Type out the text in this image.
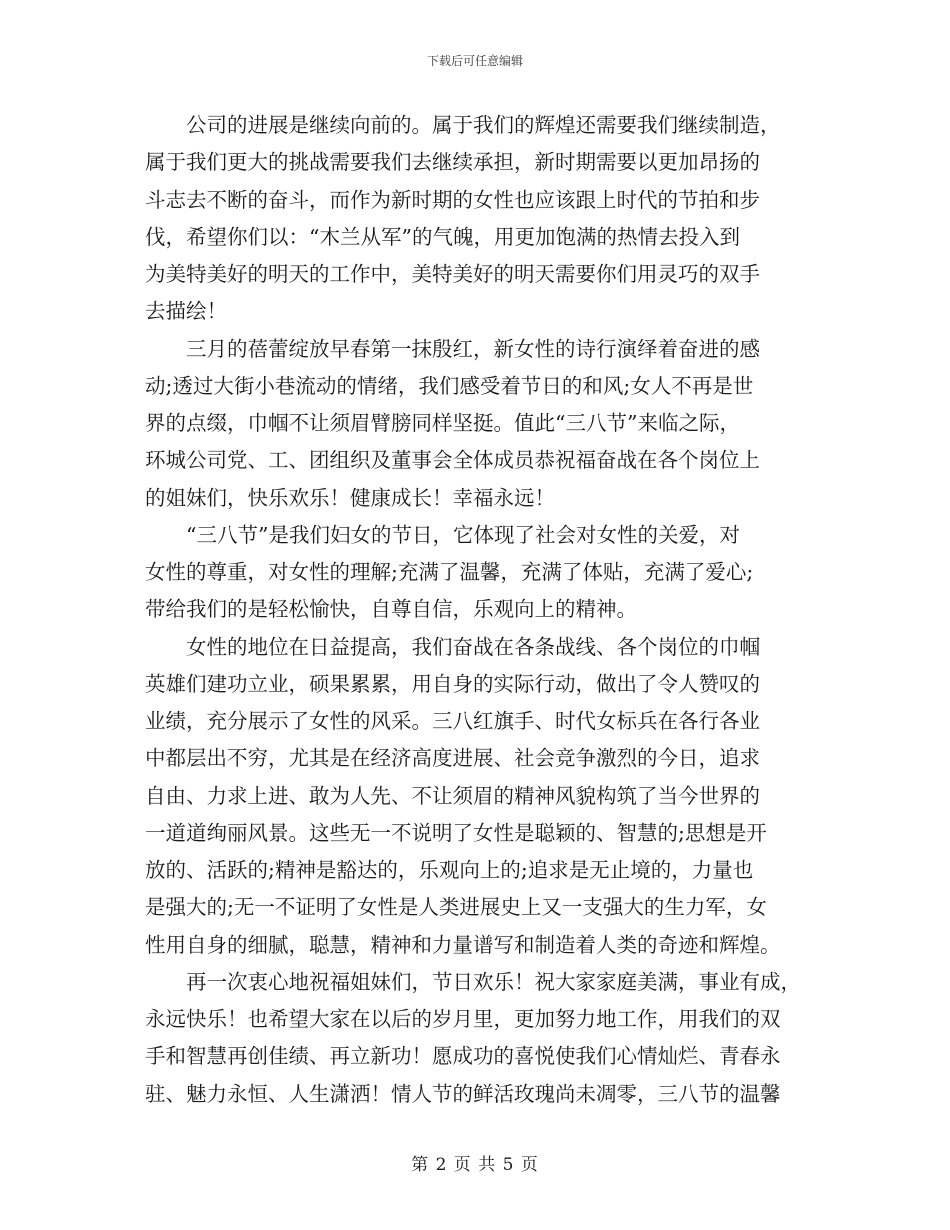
下载后可任意编辑
公司的进展是继续向前的。属于我们的辉煌还需要我们继续制造，
属于我们更大的挑战需要我们去继续承担，新时期需要以更加昂扬的
斗志去不断的奋斗，而作为新时期的女性也应该跟上时代的节拍和步
伐，希望你们以：“木兰从军”的气魄，用更加饱满的热情去投入到
为美特美好的明天的工作中，美特美好的明天需要你们用灵巧的双手
去描绘！
三月的蓓蕾绽放早春第一抹殷红，新女性的诗行演绎着奋进的感
动;透过大街小巷流动的情绪，我们感受着节日的和风;女人不再是世
界的点缀，巾帼不让须眉臂膀同样坚挺。值此“三八节”来临之际，
环城公司党、工、团组织及董事会全体成员恭祝福奋战在各个岗位上
的姐妹们，快乐欢乐！健康成长！幸福永远！
“三八节”是我们妇女的节日，它体现了社会对女性的关爱，对
女性的尊重，对女性的理解;充满了温馨，充满了体贴，充满了爱心;
带给我们的是轻松愉快，自尊自信，乐观向上的精神。
女性的地位在日益提高，我们奋战在各条战线、各个岗位的巾帼
英雄们建功立业，硕果累累，用自身的实际行动，做出了令人赞叹的
业绩，充分展示了女性的风采。三八红旗手、时代女标兵在各行各业
中都层出不穷，尤其是在经济高度进展、社会竞争激烈的今日，追求
自由、力求上进、敢为人先、不让须眉的精神风貌构筑了当今世界的
一道道绚丽风景。这些无一不说明了女性是聪颖的、智慧的;思想是开
放的、活跃的;精神是豁达的，乐观向上的;追求是无止境的，力量也
是强大的;无一不证明了女性是人类进展史上又一支强大的生力军，女
性用自身的细腻，聪慧，精神和力量谱写和制造着人类的奇迹和辉煌。
再一次衷心地祝福姐妹们，节日欢乐！祝大家家庭美满，事业有成，
永远快乐！也希望大家在以后的岁月里，更加努力地工作，用我们的双
手和智慧再创佳绩、再立新功！愿成功的喜悦使我们心情灿烂、青春永
驻、魅力永恒、人生潇洒！情人节的鲜活玫瑰尚未凋零，三八节的温馨
第 2 页 共 5 页
